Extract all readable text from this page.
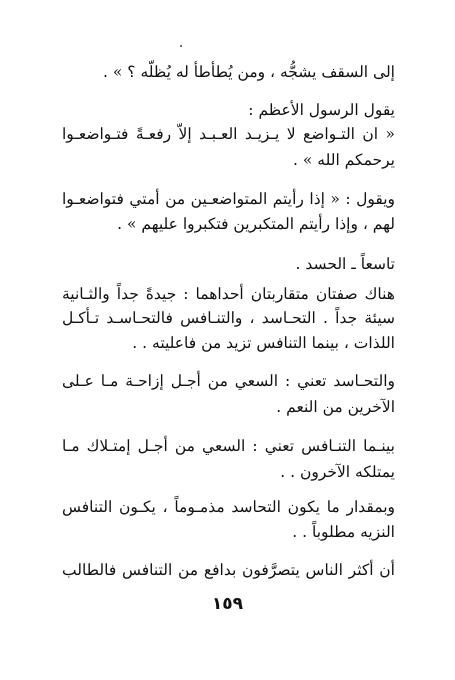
إلى السقف يشجُّه ، ومن يُطأطأ له يُظلّه ؟ » .
يقول الرسول الأعظم :
« ان التـواضع لا يـزيـد العـبـد إلاّ رفعـةً فتـواضعـوا
يرحمكم الله » .
ويقول : « إذا رأيتم المتواضعـين من أمتي فتواضعـوا
لهم ، وإذا رأيتم المتكبرين فتكبروا عليهم » .
تاسعاً ـ الحسد .
هناك صفتان متقاربتان أحداهما : جيدةً جداً والثـانية
سيئة جداً . التحـاسد ، والتنـافس فالتحـاسـد تـأكـل
اللذات ، بينما التنافس تزيد من فاعليته . .
والتحـاسد تعني : السعي من أجـل إزاحـة مـا عـلى
الآخرين من النعم .
بينـما التنـافس تعني : السعي من أجـل إمتـلاك مـا
يمتلكه الآخرون . .
وبمقدار ما يكون التحاسد مذمـوماً ، يكـون التنافس
النزيه مطلوباً . .
أن أكثر الناس يتصرَّفون بدافع من التنافس فالطالب
١٥٩
